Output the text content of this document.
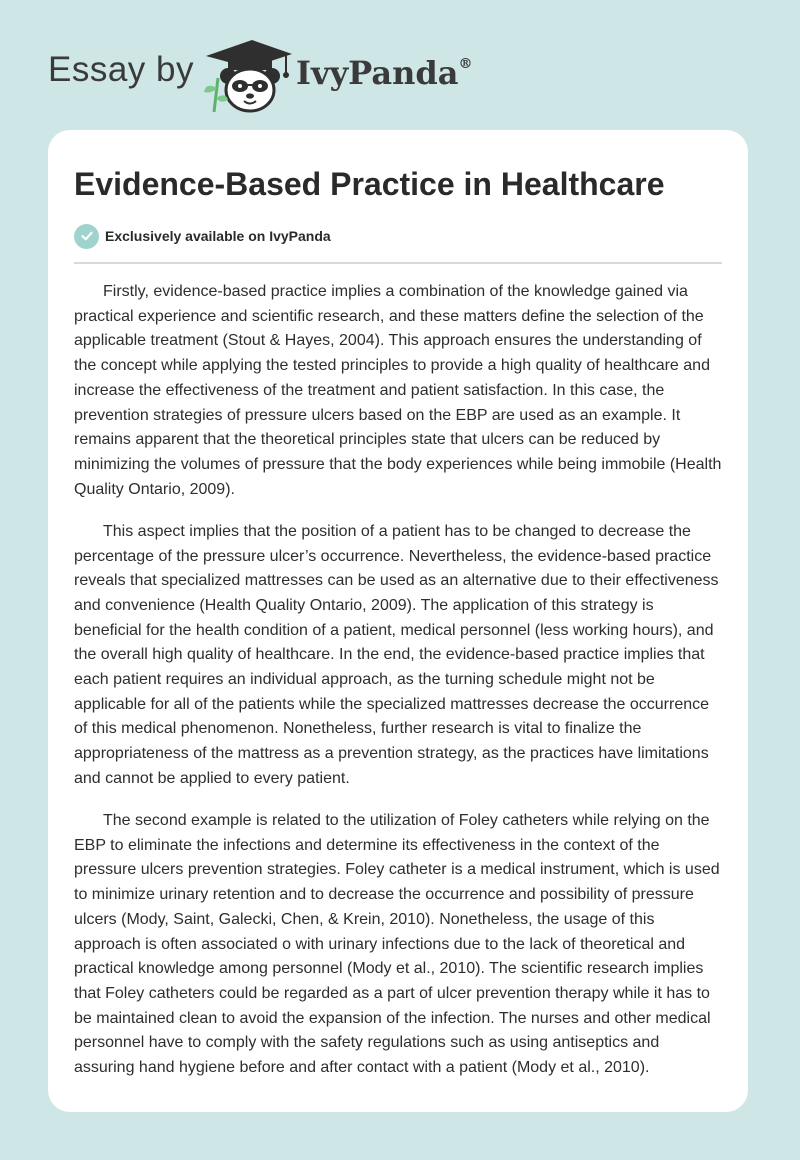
Essay by	IvyPanda®
Evidence-Based Practice in Healthcare
Exclusively available on IvyPanda

Firstly, evidence-based practice implies a combination of the knowledge gained via practical experience and scientific research, and these matters define the selection of the applicable treatment (Stout & Hayes, 2004). This approach ensures the understanding of the concept while applying the tested principles to provide a high quality of healthcare and increase the effectiveness of the treatment and patient satisfaction. In this case, the prevention strategies of pressure ulcers based on the EBP are used as an example. It remains apparent that the theoretical principles state that ulcers can be reduced by minimizing the volumes of pressure that the body experiences while being immobile (Health Quality Ontario, 2009).

This aspect implies that the position of a patient has to be changed to decrease the percentage of the pressure ulcer’s occurrence. Nevertheless, the evidence-based practice reveals that specialized mattresses can be used as an alternative due to their effectiveness and convenience (Health Quality Ontario, 2009). The application of this strategy is beneficial for the health condition of a patient, medical personnel (less working hours), and the overall high quality of healthcare. In the end, the evidence-based practice implies that each patient requires an individual approach, as the turning schedule might not be applicable for all of the patients while the specialized mattresses decrease the occurrence of this medical phenomenon. Nonetheless, further research is vital to finalize the appropriateness of the mattress as a prevention strategy, as the practices have limitations and cannot be applied to every patient.

The second example is related to the utilization of Foley catheters while relying on the EBP to eliminate the infections and determine its effectiveness in the context of the pressure ulcers prevention strategies. Foley catheter is a medical instrument, which is used to minimize urinary retention and to decrease the occurrence and possibility of pressure ulcers (Mody, Saint, Galecki, Chen, & Krein, 2010). Nonetheless, the usage of this approach is often associated o with urinary infections due to the lack of theoretical and practical knowledge among personnel (Mody et al., 2010). The scientific research implies that Foley catheters could be regarded as a part of ulcer prevention therapy while it has to be maintained clean to avoid the expansion of the infection. The nurses and other medical personnel have to comply with the safety regulations such as using antiseptics and assuring hand hygiene before and after contact with a patient (Mody et al., 2010).
